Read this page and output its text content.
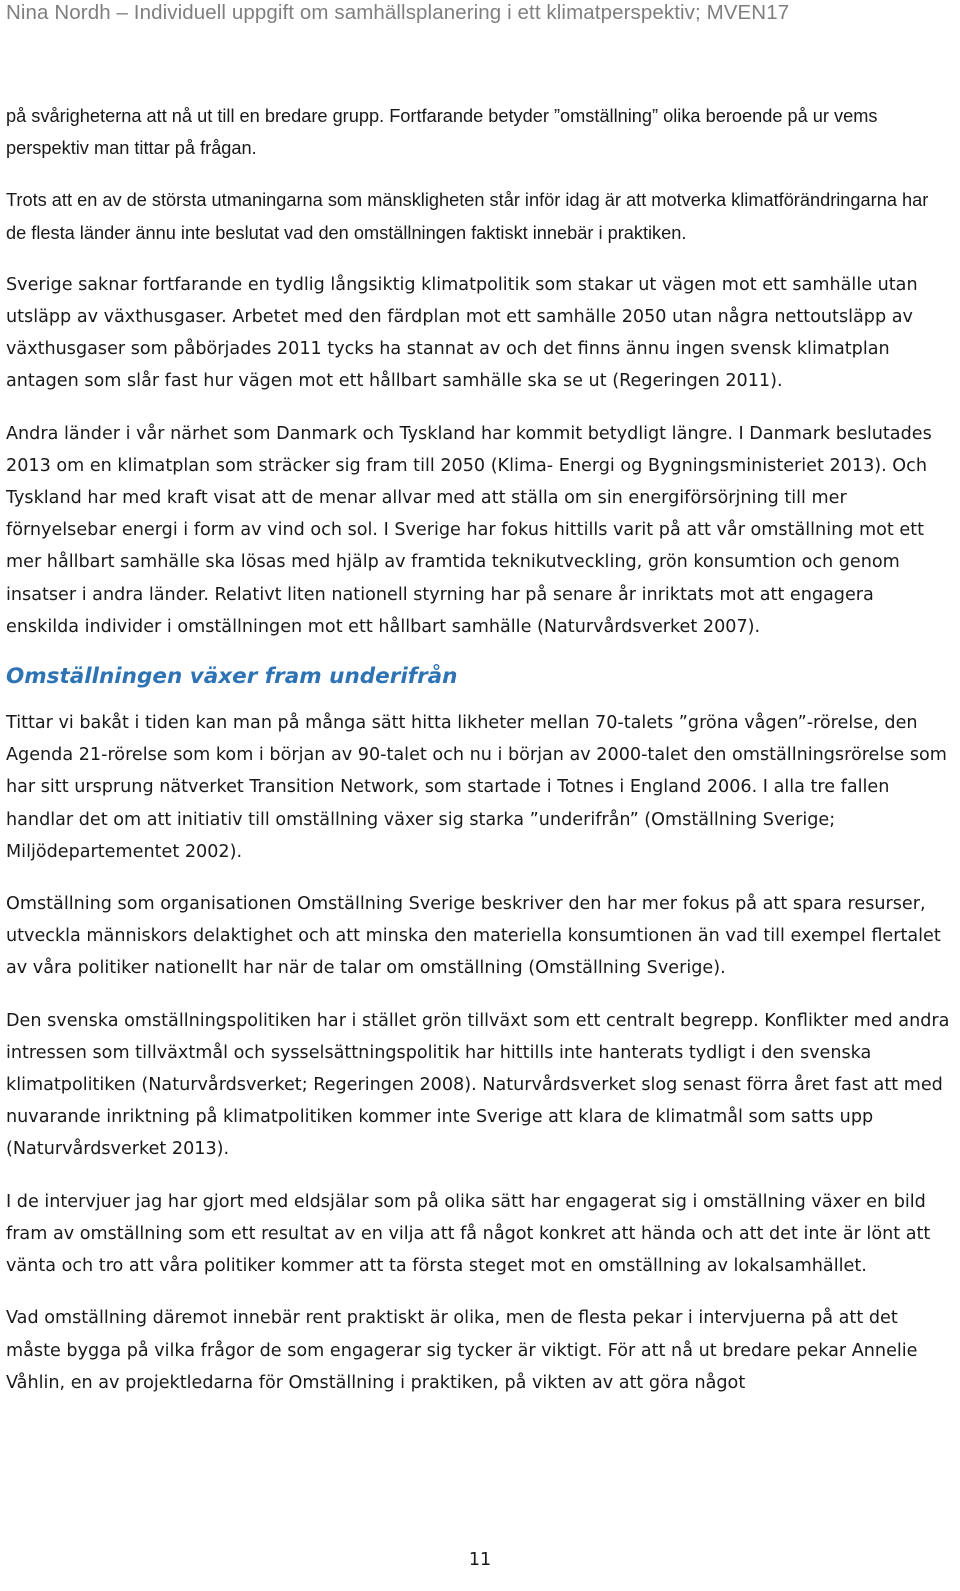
Nina Nordh – Individuell uppgift om samhällsplanering i ett klimatperspektiv; MVEN17

på svårigheterna att nå ut till en bredare grupp. Fortfarande betyder ”omställning” olika beroende på ur vems perspektiv man tittar på frågan.

Trots att en av de största utmaningarna som mänskligheten står inför idag är att motverka klimatförändringarna har de flesta länder ännu inte beslutat vad den omställningen faktiskt innebär i praktiken.

Sverige saknar fortfarande en tydlig långsiktig klimatpolitik som stakar ut vägen mot ett samhälle utan utsläpp av växthusgaser. Arbetet med den färdplan mot ett samhälle 2050 utan några nettoutsläpp av växthusgaser som påbörjades 2011 tycks ha stannat av och det finns ännu ingen svensk klimatplan antagen som slår fast hur vägen mot ett hållbart samhälle ska se ut (Regeringen 2011).

Andra länder i vår närhet som Danmark och Tyskland har kommit betydligt längre. I Danmark beslutades 2013 om en klimatplan som sträcker sig fram till 2050 (Klima- Energi og Bygningsministeriet 2013). Och Tyskland har med kraft visat att de menar allvar med att ställa om sin energiförsörjning till mer förnyelsebar energi i form av vind och sol. I Sverige har fokus hittills varit på att vår omställning mot ett mer hållbart samhälle ska lösas med hjälp av framtida teknikutveckling, grön konsumtion och genom insatser i andra länder. Relativt liten nationell styrning har på senare år inriktats mot att engagera enskilda individer i omställningen mot ett hållbart samhälle (Naturvårdsverket 2007).

Omställningen växer fram underifrån

Tittar vi bakåt i tiden kan man på många sätt hitta likheter mellan 70-talets ”gröna vågen”-rörelse, den Agenda 21-rörelse som kom i början av 90-talet och nu i början av 2000-talet den omställningsrörelse som har sitt ursprung nätverket Transition Network, som startade i Totnes i England 2006. I alla tre fallen handlar det om att initiativ till omställning växer sig starka ”underifrån” (Omställning Sverige; Miljödepartementet 2002).

Omställning som organisationen Omställning Sverige beskriver den har mer fokus på att spara resurser, utveckla människors delaktighet och att minska den materiella konsumtionen än vad till exempel flertalet av våra politiker nationellt har när de talar om omställning (Omställning Sverige).

Den svenska omställningspolitiken har i stället grön tillväxt som ett centralt begrepp. Konflikter med andra intressen som tillväxtmål och sysselsättningspolitik har hittills inte hanterats tydligt i den svenska klimatpolitiken (Naturvårdsverket; Regeringen 2008). Naturvårdsverket slog senast förra året fast att med nuvarande inriktning på klimatpolitiken kommer inte Sverige att klara de klimatmål som satts upp (Naturvårdsverket 2013).

I de intervjuer jag har gjort med eldsjälar som på olika sätt har engagerat sig i omställning växer en bild fram av omställning som ett resultat av en vilja att få något konkret att hända och att det inte är lönt att vänta och tro att våra politiker kommer att ta första steget mot en omställning av lokalsamhället.

Vad omställning däremot innebär rent praktiskt är olika, men de flesta pekar i intervjuerna på att det måste bygga på vilka frågor de som engagerar sig tycker är viktigt. För att nå ut bredare pekar Annelie Våhlin, en av projektledarna för Omställning i praktiken, på vikten av att göra något

11
